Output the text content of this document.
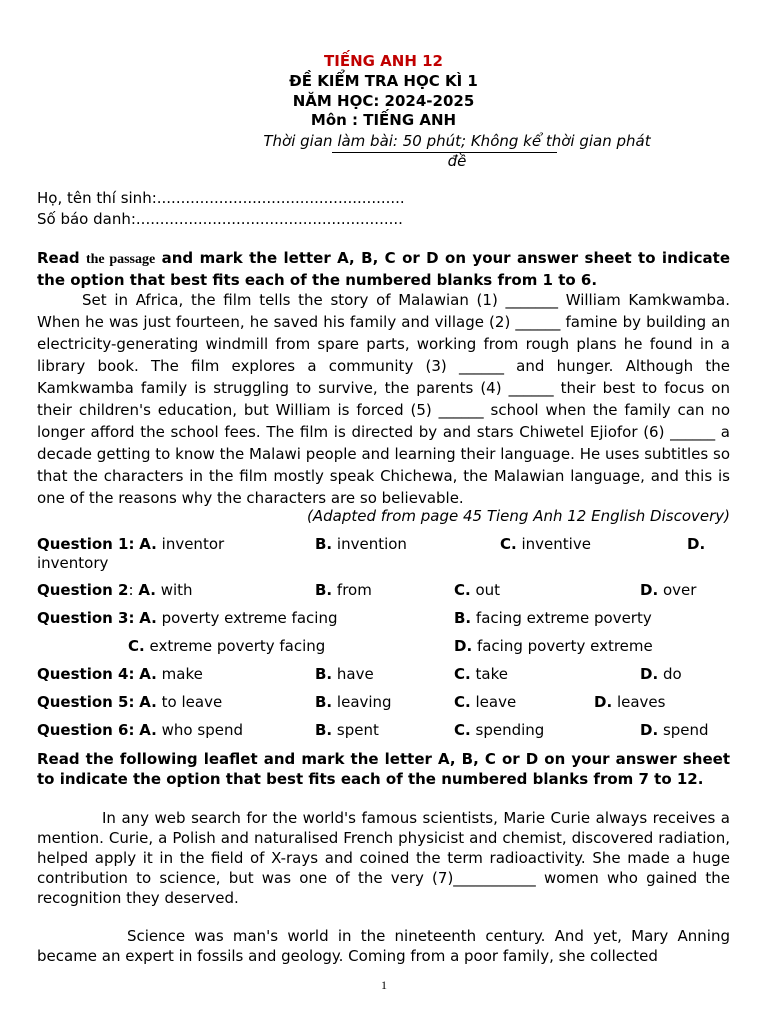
TIẾNG ANH 12
ĐỀ KIỂM TRA HỌC KÌ 1
NĂM HỌC: 2024-2025
Môn : TIẾNG ANH
Thời gian làm bài: 50 phút; Không kể thời gian phát đề
Họ, tên thí sinh:....................................................
Số báo danh:........................................................
Read the passage and mark the letter A, B, C or D on your answer sheet to indicate the option that best fits each of the numbered blanks from 1 to 6.
Set in Africa, the film tells the story of Malawian (1) _______ William Kamkwamba. When he was just fourteen, he saved his family and village (2) ______ famine by building an electricity-generating windmill from spare parts, working from rough plans he found in a library book. The film explores a community (3) ______ and hunger. Although the Kamkwamba family is struggling to survive, the parents (4) ______ their best to focus on their children's education, but William is forced (5) ______ school when the family can no longer afford the school fees. The film is directed by and stars Chiwetel Ejiofor (6) ______ a decade getting to know the Malawi people and learning their language. He uses subtitles so that the characters in the film mostly speak Chichewa, the Malawian language, and this is one of the reasons why the characters are so believable.
(Adapted from page 45 Tieng Anh 12 English Discovery)
Question 1: A. inventor	B. invention	C. inventive	D.
inventory
Question 2: A. with	B. from	C. out	D. over
Question 3: A. poverty extreme facing	B. facing extreme poverty
C. extreme poverty facing	D. facing poverty extreme
Question 4: A. make	B. have	C. take	D. do
Question 5: A. to leave	B. leaving	C. leave	D. leaves
Question 6: A. who spend	B. spent	C. spending	D. spend
Read the following leaflet and mark the letter A, B, C or D on your answer sheet to indicate the option that best fits each of the numbered blanks from 7 to 12.
In any web search for the world's famous scientists, Marie Curie always receives a mention. Curie, a Polish and naturalised French physicist and chemist, discovered radiation, helped apply it in the field of X-rays and coined the term radioactivity. She made a huge contribution to science, but was one of the very (7)___________ women who gained the recognition they deserved.
Science was man's world in the nineteenth century. And yet, Mary Anning became an expert in fossils and geology. Coming from a poor family, she collected
1
